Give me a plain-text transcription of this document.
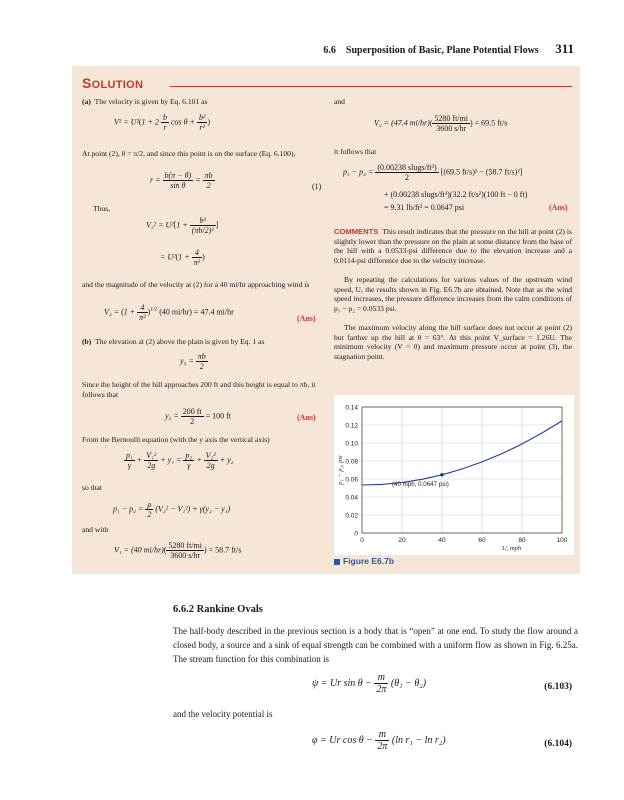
6.6 Superposition of Basic, Plane Potential Flows 311
SOLUTION

(a) The velocity is given by Eq. 6.101 as

$V^2 = U^2(1 + 2 \frac{b}{r}$ $\cos \theta + \frac{\text{b²}}{\text{r²}}$ )

At point (2), θ = π/2, and since this point is on the surface (Eq. 6.100),

$r = \frac{b(\pi - \theta)}{\text{sin θ}} = \frac{\pi b}{2}$	(1)

Thus,

$V_2^2 = U^2[1 + \frac{\text{b²}}{\text{(πb/2)²}}$ ]
= $U^2(1 + \frac{4}{\text{π²}}$ )

and the magnitude of the velocity at (2) for a 40 mi/hr approaching wind is

$V_2 = (1 + \frac{4}{\text{π²}} )^{1/2}$ (40 mi/hr) = 47.4 mi/hr
(Ans)

(b) The elevation at (2) above the plain is given by Eq. 1 as

$y_2 = \frac{\pi b}{2}$

Since the height of the hill approaches 200 ft and this height is equal to πb, it follows that

$y_2 = \frac{200 ft}{2} = 100$ ft	(Ans)

From the Bernoulli equation (with the y axis the vertical axis)

$\frac{\text{p₁}}{\gamma} + \frac{\text{V₁²}}{2g} + y_1 = \frac{\text{p₂}}{\gamma} + \frac{\text{V₂²}}{2g} + y_2$

so that

$p_1 - p_2 = \frac{\rho}{2} (V_2^2 - V_1^2) + \gamma(y_2 - y_1)$

and with

V₁ = (40 $mi/hr)( \frac{5280 ft/mi}{3600 s/hr}$ ) = 58.7 ft/s

and

V₂ = (47.4 $mi/hr)( \frac{5280 ft/mi}{3600 s/hr}$ ) = 69.5 ft/s

it follows that

$p_1 - p_2 = \frac{\text{(0.00238 slugs/ft³)}}{2} [(69.5$ ft/s)² − (58.7 ft/s)²]
+ (0.00238 slugs/ft³)(32.2 ft/s²)(100 ft − 0 ft)
= 9.31 lb/ft² = 0.0647 psi	(Ans)

COMMENTS This result indicates that the pressure on the hill at point (2) is slightly lower than the pressure on the plain at some distance from the base of the hill with a 0.0533-psi difference due to the elevation increase and a 0.0114-psi difference due to the velocity increase.

By repeating the calculations for various values of the upstream wind speed, U, the results shown in Fig. E6.7b are obtained. Note that as the wind speed increases, the pressure difference increases from the calm conditions of p₁ − p₂ = 0.0533 psi.

The maximum velocity along the hill surface does not occur at point (2) but farther up the hill at θ = 63°. At this point V_surface = 1.26U. The minimum velocity (V = 0) and maximum pressure occur at point (3), the stagnation point.

0	20	40	60	80	100
0
0.02
0.04
0.06
0.08
0.10
0.12
0.14
(40 mph, 0.0647 psi)
U, mph
p₁ − p₂, psi
Figure E6.7b
6.6.2 Rankine Ovals

The half-body described in the previous section is a body that is “open” at one end. To study the flow around a closed body, a source and a sink of equal strength can be combined with a uniform flow as shown in Fig. 6.25a. The stream function for this combination is

ψ = Ur $\sin \theta - \frac{m}{2\pi} (\theta_1 - \theta_2)$	(6.103)

and the velocity potential is

φ = Ur $\cos \theta - \frac{m}{2\pi} (\ln$ r₁ − ln r₂)	(6.104)
